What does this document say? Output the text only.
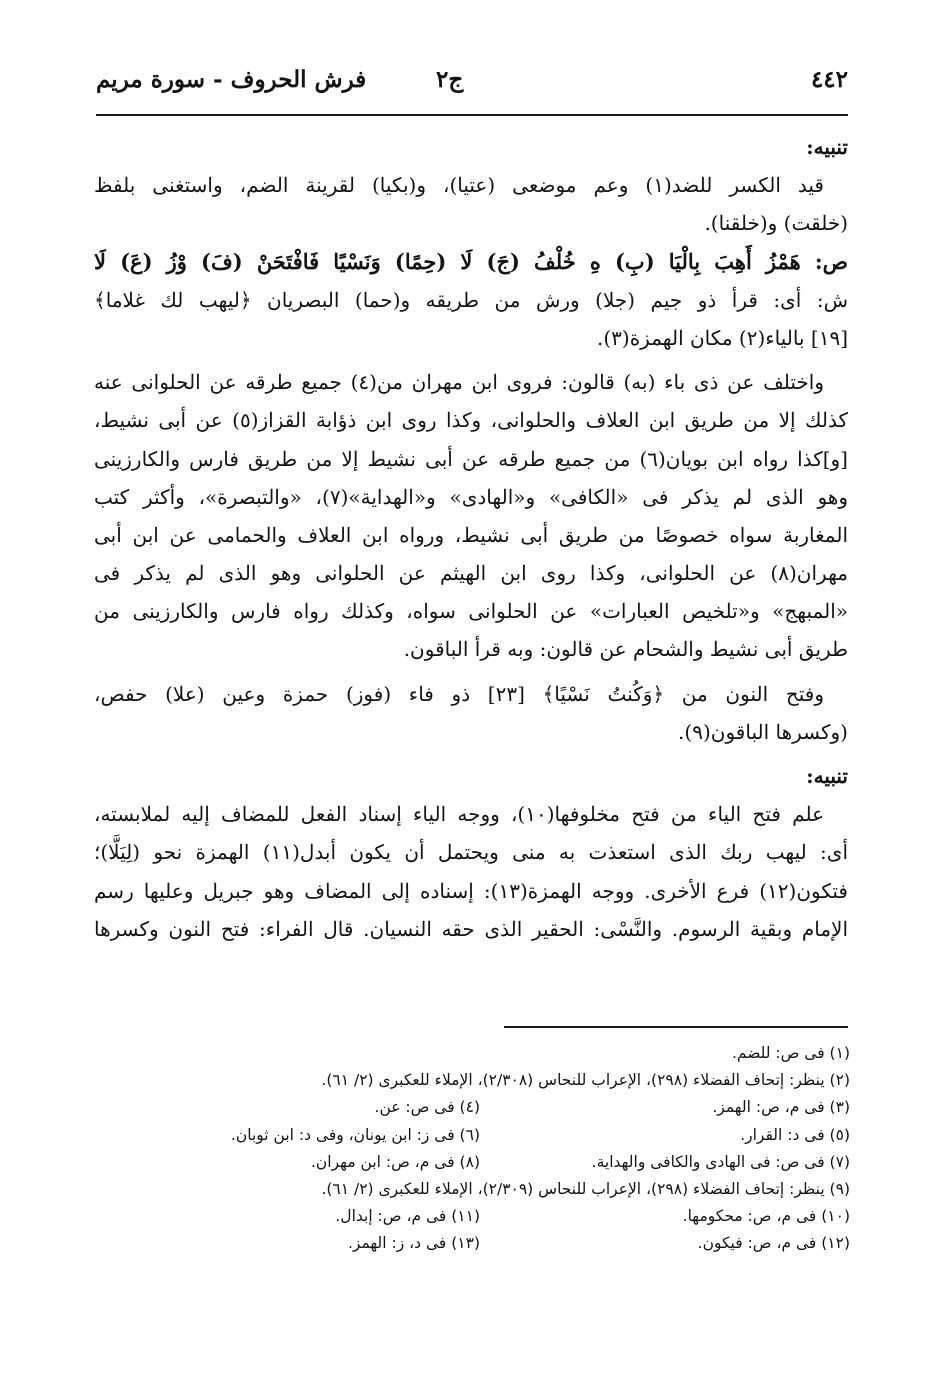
٤٤٢
ج٢
فرش الحروف - سورة مريم
تنبيه:
قيد الكسر للضد(١) وعم موضعى (عتيا)، و(بكيا) لقرينة الضم، واستغنى بلفظ
(خلقت) و(خلقنا).
ص: هَمْزُ أَهِبَ بِالْيَا (بِ) هِ خُلْفُ (جَ) لَا (حِمًا) وَنَسْيًا فَافْتَحَنْ (فَ) وْزُ (عَ) لَا
ش: أى: قرأ ذو جيم (جلا) ورش من طريقه و(حما) البصريان ﴿ليهب لك غلاما﴾
[١٩] بالياء(٢) مكان الهمزة(٣).
واختلف عن ذى باء (به) قالون: فروى ابن مهران من(٤) جميع طرقه عن الحلوانى عنه
كذلك إلا من طريق ابن العلاف والحلوانى، وكذا روى ابن ذؤابة القزاز(٥) عن أبى نشيط،
[و]كذا رواه ابن بويان(٦) من جميع طرقه عن أبى نشيط إلا من طريق فارس والكارزينى
وهو الذى لم يذكر فى «الكافى» و«الهادى» و«الهداية»(٧)، «والتبصرة»، وأكثر كتب
المغاربة سواه خصوصًا من طريق أبى نشيط، ورواه ابن العلاف والحمامى عن ابن أبى
مهران(٨) عن الحلوانى، وكذا روى ابن الهيثم عن الحلوانى وهو الذى لم يذكر فى
«المبهج» و«تلخيص العبارات» عن الحلوانى سواه، وكذلك رواه فارس والكارزينى من
طريق أبى نشيط والشحام عن قالون: وبه قرأ الباقون.
وفتح النون من ﴿وَكُنتُ نَسْيًا﴾ [٢٣] ذو فاء (فوز) حمزة وعين (علا) حفص،
(وكسرها الباقون(٩).
تنبيه:
علم فتح الياء من فتح مخلوفها(١٠)، ووجه الياء إسناد الفعل للمضاف إليه لملابسته،
أى: ليهب ربك الذى استعذت به منى ويحتمل أن يكون أبدل(١١) الهمزة نحو (لِيَلَّا)؛
فتكون(١٢) فرع الأخرى. ووجه الهمزة(١٣): إسناده إلى المضاف وهو جبريل وعليها رسم
الإمام وبقية الرسوم. والنَّسْى: الحقير الذى حقه النسيان. قال الفراء: فتح النون وكسرها
(١) فى ص: للضم.
(٢) ينظر: إتحاف الفضلاء (٢٩٨)، الإعراب للنحاس (٢/٣٠٨)، الإملاء للعكبرى (٢/ ٦١).
(٣) فى م، ص: الهمز.
(٤) فى ص: عن.
(٥) فى د: القرار.
(٦) فى ز: ابن يونان، وفى د: ابن ثوبان.
(٧) فى ص: فى الهادى والكافى والهداية.
(٨) فى م، ص: ابن مهران.
(٩) ينظر: إتحاف الفضلاء (٢٩٨)، الإعراب للنحاس (٢/٣٠٩)، الإملاء للعكبرى (٢/ ٦١).
(١٠) فى م، ص: محكومها.
(١١) فى م، ص: إبدال.
(١٢) فى م، ص: فيكون.
(١٣) فى د، ز: الهمز.
